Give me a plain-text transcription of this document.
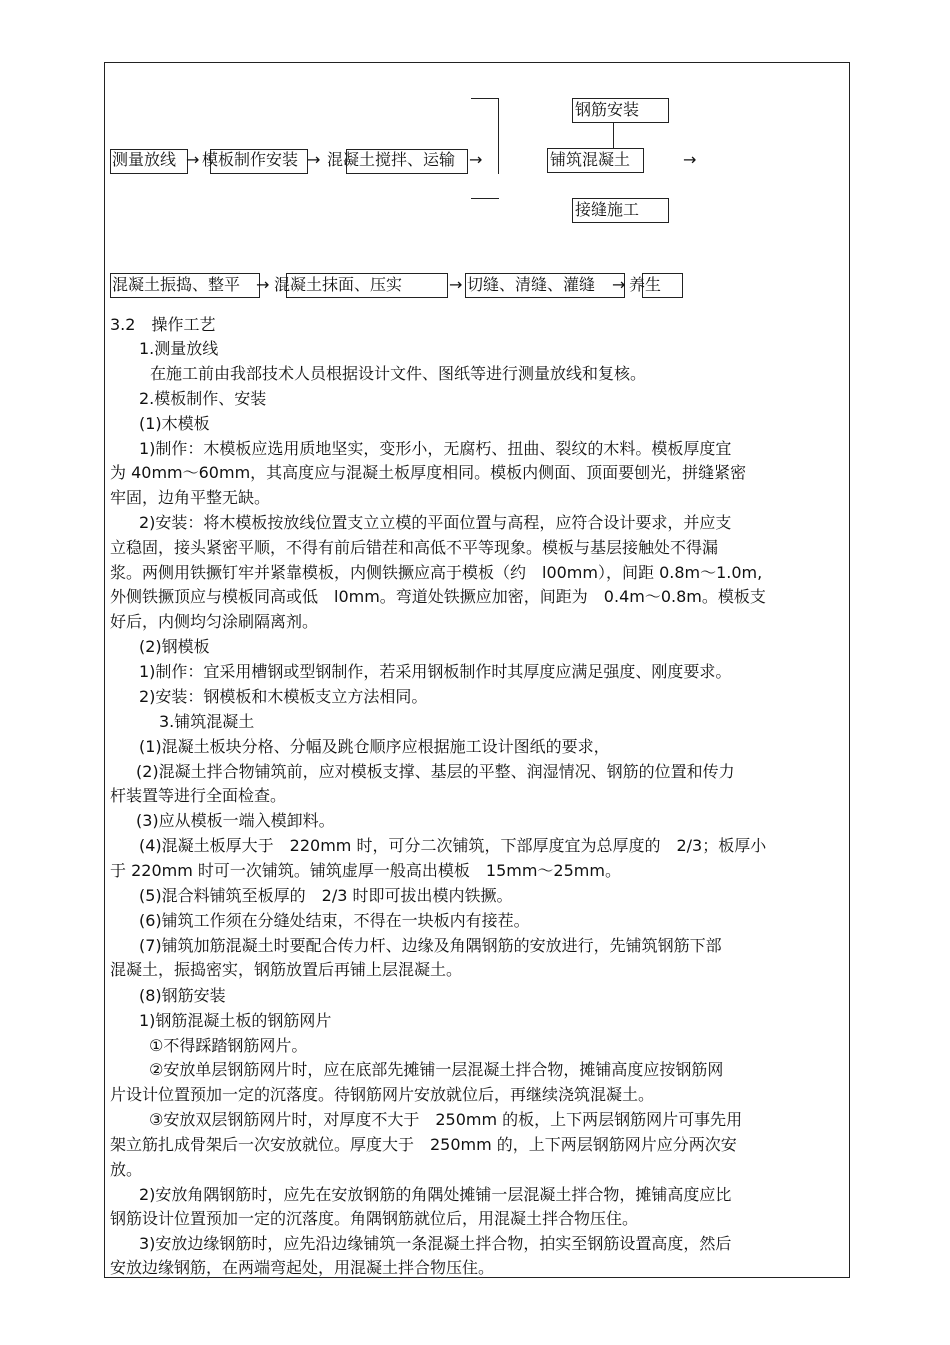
测量放线 → 模板制作安装 → 混凝土搅拌、运输 →
钢筋安装
铺筑混凝土	→
接缝施工
混凝土振捣、整平 → 混凝土抹面、压实	→ 切缝、清缝、灌缝 → 养生
3.2　操作工艺
1.测量放线
在施工前由我部技术人员根据设计文件、图纸等进行测量放线和复核。
2.模板制作、安装
(1)木模板
1)制作：木模板应选用质地坚实，变形小，无腐朽、扭曲、裂纹的木料。模板厚度宜
为 40mm～60mm，其高度应与混凝土板厚度相同。模板内侧面、顶面要刨光，拼缝紧密
牢固，边角平整无缺。
2)安装：将木模板按放线位置支立立模的平面位置与高程，应符合设计要求，并应支
立稳固，接头紧密平顺，不得有前后错茬和高低不平等现象。模板与基层接触处不得漏
浆。两侧用铁撅钉牢并紧靠模板，内侧铁撅应高于模板（约　l00mm），间距 0.8m～1.0m,
外侧铁撅顶应与模板同高或低　l0mm。弯道处铁撅应加密，间距为　0.4m～0.8m。模板支
好后，内侧均匀涂刷隔离剂。
(2)钢模板
1)制作：宜采用槽钢或型钢制作，若采用钢板制作时其厚度应满足强度、刚度要求。
2)安装：钢模板和木模板支立方法相同。
3.铺筑混凝土
(1)混凝土板块分格、分幅及跳仓顺序应根据施工设计图纸的要求，
(2)混凝土拌合物铺筑前，应对模板支撑、基层的平整、润湿情况、钢筋的位置和传力
杆装置等进行全面检查。
(3)应从模板一端入模卸料。
(4)混凝土板厚大于　220mm 时，可分二次铺筑，下部厚度宜为总厚度的　2/3；板厚小
于 220mm 时可一次铺筑。铺筑虚厚一般高出模板　15mm～25mm。
(5)混合料铺筑至板厚的　2/3 时即可拔出模内铁撅。
(6)铺筑工作须在分缝处结束，不得在一块板内有接茬。
(7)铺筑加筋混凝土时要配合传力杆、边缘及角隅钢筋的安放进行，先铺筑钢筋下部
混凝土，振捣密实，钢筋放置后再铺上层混凝土。
(8)钢筋安装
1)钢筋混凝土板的钢筋网片
①不得踩踏钢筋网片。
②安放单层钢筋网片时，应在底部先摊铺一层混凝土拌合物，摊铺高度应按钢筋网
片设计位置预加一定的沉落度。待钢筋网片安放就位后，再继续浇筑混凝土。
③安放双层钢筋网片时，对厚度不大于　250mm 的板，上下两层钢筋网片可事先用
架立筋扎成骨架后一次安放就位。厚度大于　250mm 的，上下两层钢筋网片应分两次安
放。
2)安放角隅钢筋时，应先在安放钢筋的角隅处摊铺一层混凝土拌合物，摊铺高度应比
钢筋设计位置预加一定的沉落度。角隅钢筋就位后，用混凝土拌合物压住。
3)安放边缘钢筋时，应先沿边缘铺筑一条混凝土拌合物，拍实至钢筋设置高度，然后
安放边缘钢筋，在两端弯起处，用混凝土拌合物压住。
